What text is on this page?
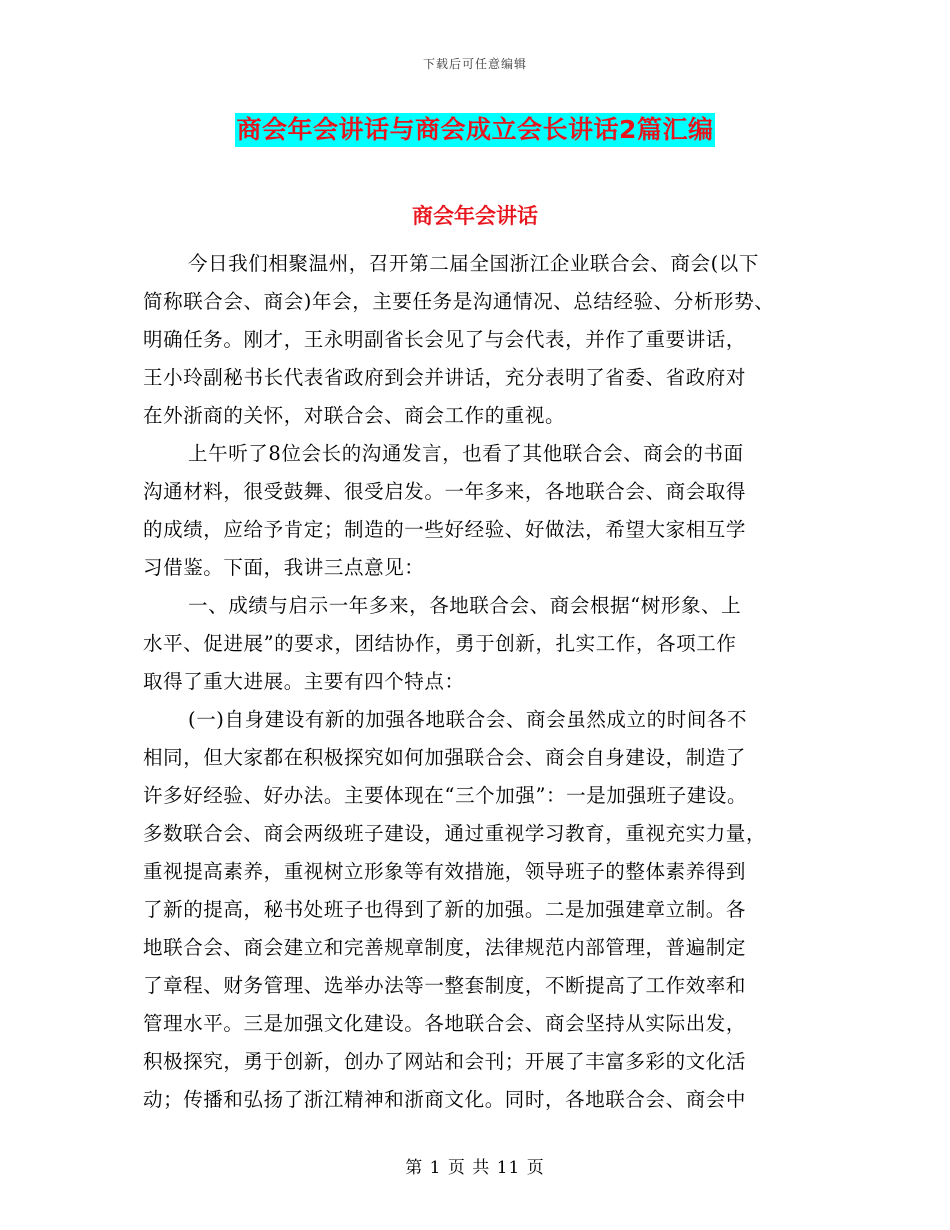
下载后可任意编辑
商会年会讲话与商会成立会长讲话2篇汇编
商会年会讲话
今日我们相聚温州，召开第二届全国浙江企业联合会、商会(以下
简称联合会、商会)年会，主要任务是沟通情况、总结经验、分析形势、
明确任务。刚才，王永明副省长会见了与会代表，并作了重要讲话，
王小玲副秘书长代表省政府到会并讲话，充分表明了省委、省政府对
在外浙商的关怀，对联合会、商会工作的重视。
上午听了8位会长的沟通发言，也看了其他联合会、商会的书面
沟通材料，很受鼓舞、很受启发。一年多来，各地联合会、商会取得
的成绩，应给予肯定；制造的一些好经验、好做法，希望大家相互学
习借鉴。下面，我讲三点意见：
一、成绩与启示一年多来，各地联合会、商会根据“树形象、上
水平、促进展”的要求，团结协作，勇于创新，扎实工作，各项工作
取得了重大进展。主要有四个特点：
(一)自身建设有新的加强各地联合会、商会虽然成立的时间各不
相同，但大家都在积极探究如何加强联合会、商会自身建设，制造了
许多好经验、好办法。主要体现在“三个加强”：一是加强班子建设。
多数联合会、商会两级班子建设，通过重视学习教育，重视充实力量，
重视提高素养，重视树立形象等有效措施，领导班子的整体素养得到
了新的提高，秘书处班子也得到了新的加强。二是加强建章立制。各
地联合会、商会建立和完善规章制度，法律规范内部管理，普遍制定
了章程、财务管理、选举办法等一整套制度，不断提高了工作效率和
管理水平。三是加强文化建设。各地联合会、商会坚持从实际出发，
积极探究，勇于创新，创办了网站和会刊；开展了丰富多彩的文化活
动；传播和弘扬了浙江精神和浙商文化。同时，各地联合会、商会中
第 1 页 共 11 页
